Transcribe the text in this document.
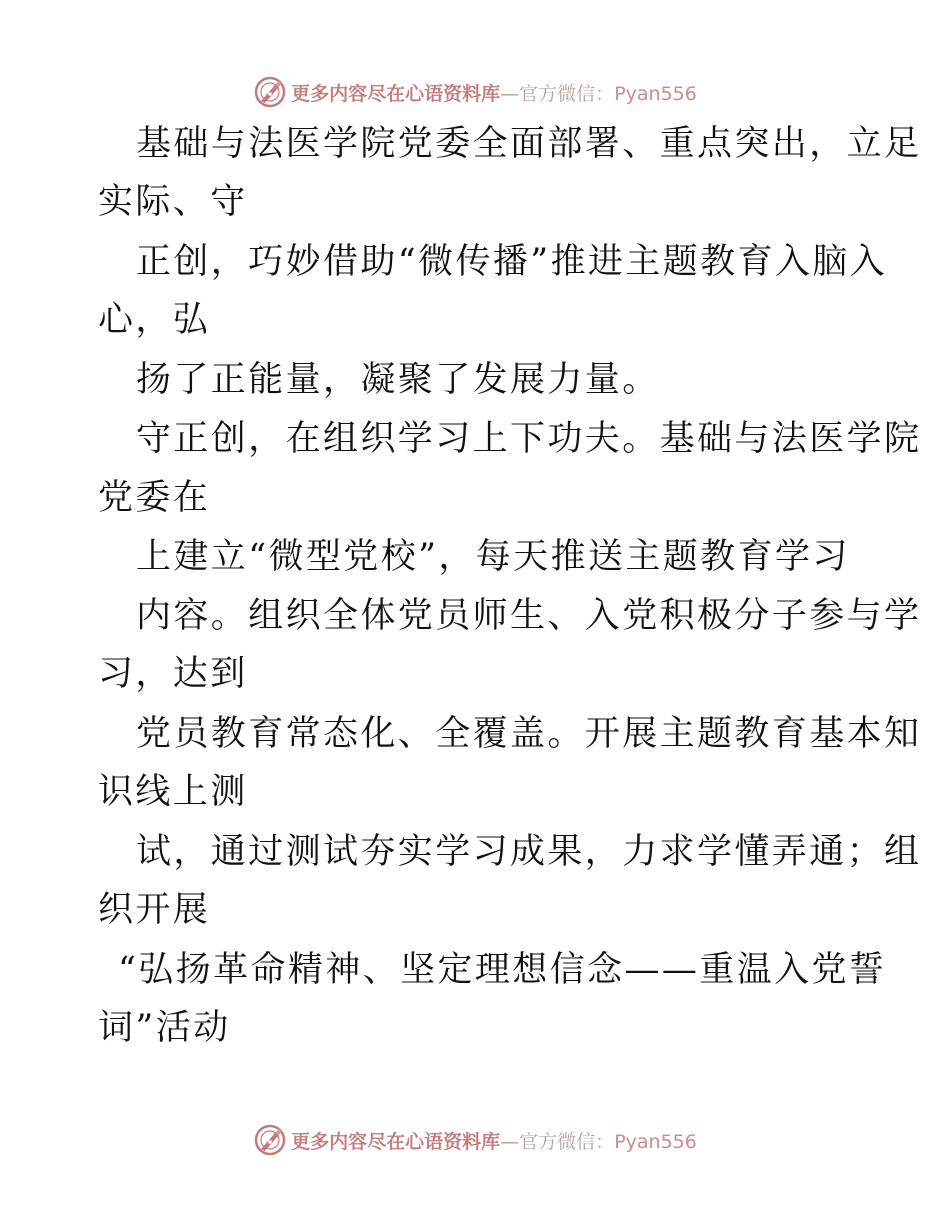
更多内容尽在心语资料库—官方微信：Pyan556
基础与法医学院党委全面部署、重点突出，立足
实际、守
正创，巧妙借助“微传播”推进主题教育入脑入
心，弘
扬了正能量，凝聚了发展力量。
守正创，在组织学习上下功夫。基础与法医学院
党委在
上建立“微型党校”，每天推送主题教育学习
内容。组织全体党员师生、入党积极分子参与学
习，达到
党员教育常态化、全覆盖。开展主题教育基本知
识线上测
试，通过测试夯实学习成果，力求学懂弄通；组
织开展
“弘扬革命精神、坚定理想信念——重温入党誓
词”活动
更多内容尽在心语资料库—官方微信：Pyan556
